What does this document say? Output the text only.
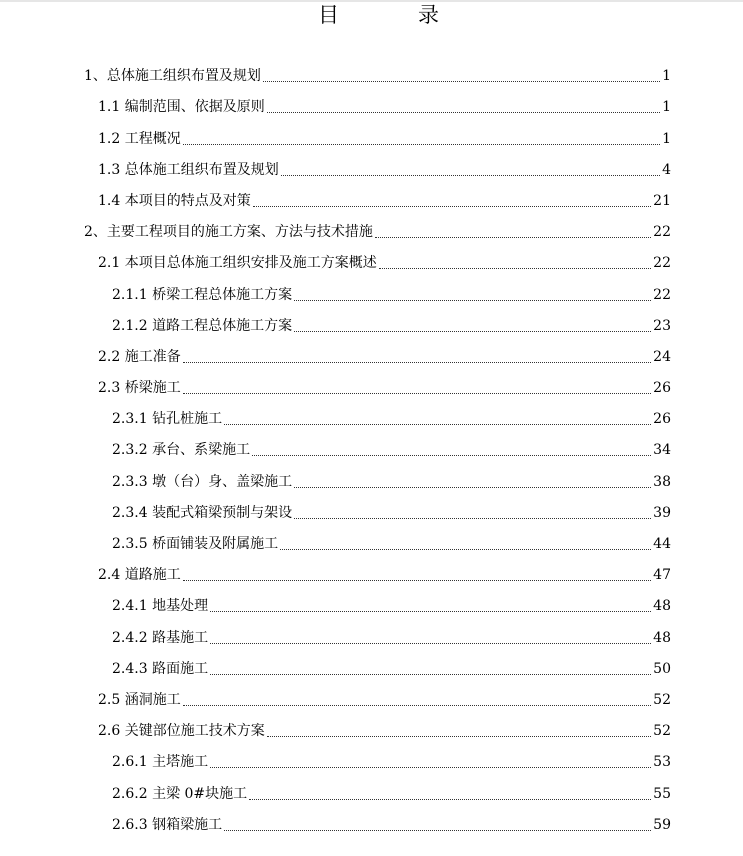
目	录
1、总体施工组织布置及规划	1
1.1 编制范围、依据及原则	1
1.2 工程概况	1
1.3 总体施工组织布置及规划	4
1.4 本项目的特点及对策	21
2、主要工程项目的施工方案、方法与技术措施	22
2.1 本项目总体施工组织安排及施工方案概述	22
2.1.1 桥梁工程总体施工方案	22
2.1.2 道路工程总体施工方案	23
2.2 施工准备	24
2.3 桥梁施工	26
2.3.1 钻孔桩施工	26
2.3.2 承台、系梁施工	34
2.3.3 墩（台）身、盖梁施工	38
2.3.4 装配式箱梁预制与架设	39
2.3.5 桥面铺装及附属施工	44
2.4 道路施工	47
2.4.1 地基处理	48
2.4.2 路基施工	48
2.4.3 路面施工	50
2.5 涵洞施工	52
2.6 关键部位施工技术方案	52
2.6.1 主塔施工	53
2.6.2 主梁 0#块施工	55
2.6.3 钢箱梁施工	59
